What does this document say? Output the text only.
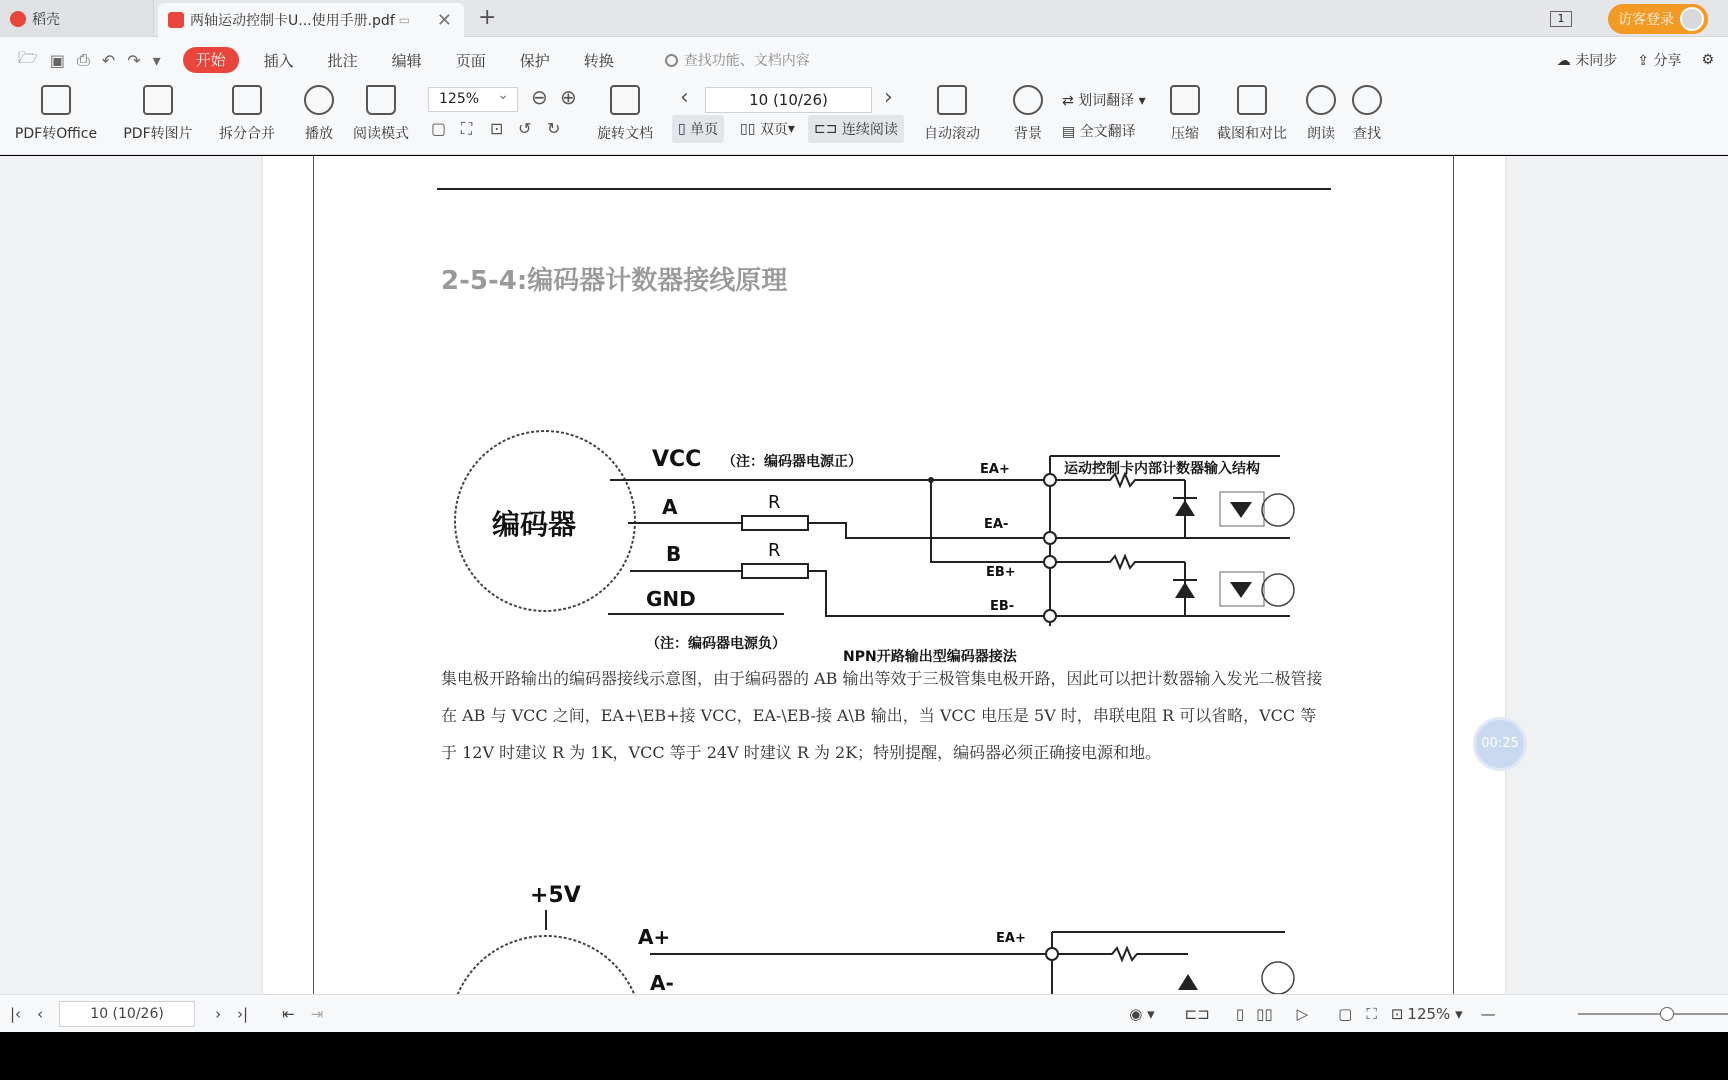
稻壳	两轴运动控制卡U...使用手册.pdf ▭ ✕ +	1	访客登录
🗁 ▣ ⎙ ↶ ↷ ▾	开始	插入	批注	编辑	页面	保护	转换	查找功能、文档内容	☁ 未同步 ⇪ 分享 ⚙
PDF转Office PDF转图片 拆分合并 播放 阅读模式
125% ⌄	⊖ ⊕
▢ ⛶ ⊡ ↺ ↻	旋转文档
‹	10 (10/26)	›
▯ 单页 ▯▯ 双页 ▾ ⊏⊐ 连续阅读 自动滚动 背景
⇄ 划词翻译 ▾
▤ 全文翻译	压缩 截图和对比 朗读 查找
2-5-4:编码器计数器接线原理
编码器
VCC （注：编码器电源正）
A
B
GND
（注：编码器电源负）
R
R
EA+
EA-
EB+
EB-
运动控制卡内部计数器输入结构
NPN开路输出型编码器接法
集电极开路输出的编码器接线示意图，由于编码器的 AB 输出等效于三极管集电极开路，因此可以把计数器输入发光二极管接在 AB 与 VCC 之间，EA+\EB+接 VCC，EA-\EB-接 A\B 输出，当 VCC 电压是 5V 时，串联电阻 R 可以省略，VCC 等于 12V 时建议 R 为 1K，VCC 等于 24V 时建议 R 为 2K；特别提醒，编码器必须正确接电源和地。
+5V
A+
A-
EA+
00:25
|‹ ‹	10 (10/26)	› ›| ⇤ ⇥	◉ ▾ ⊏⊐ ▯ ▯▯ ▷ ▢ ⛶ ⊡ 125% ▾ —
